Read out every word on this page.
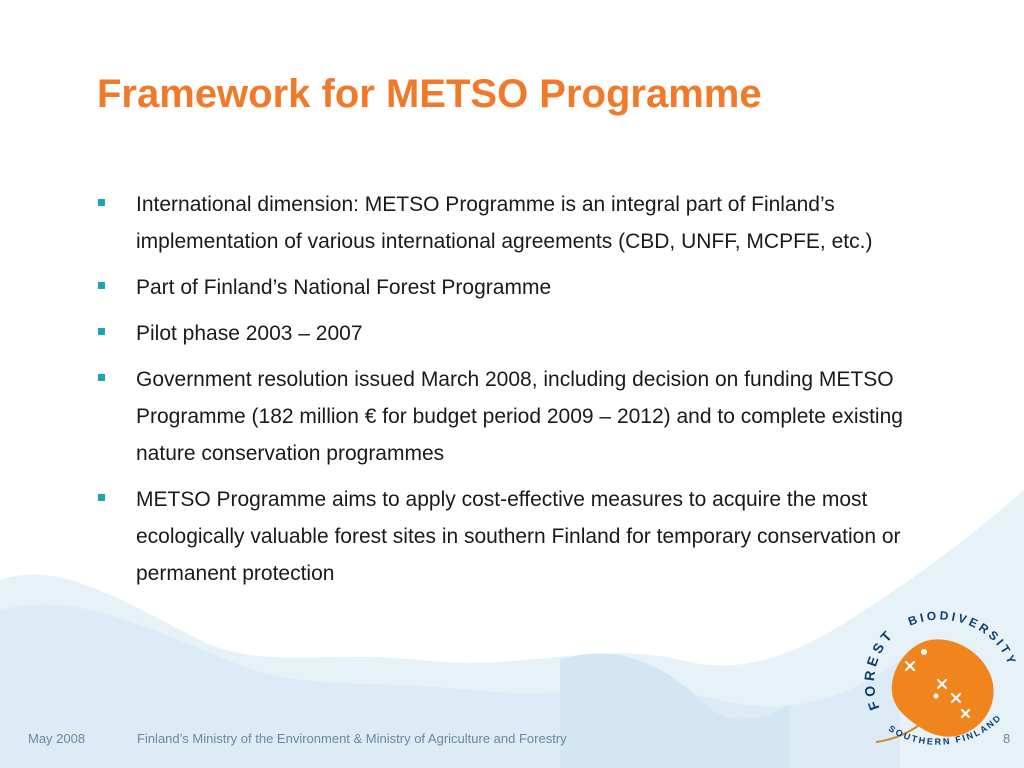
Framework for METSO Programme
International dimension: METSO Programme is an integral part of Finland’s implementation of various international agreements (CBD, UNFF, MCPFE, etc.)
Part of Finland’s National Forest Programme
Pilot phase 2003 – 2007
Government resolution issued March 2008, including decision on funding METSO Programme (182 million € for budget period 2009 – 2012) and to complete existing nature conservation programmes
METSO Programme aims to apply cost-effective measures to acquire the most ecologically valuable forest sites in southern Finland for temporary conservation or permanent protection
BIODIVERSITY
FOREST
SOUTHERN FINLAND
May 2008	Finland’s Ministry of the Environment & Ministry of Agriculture and Forestry	8
